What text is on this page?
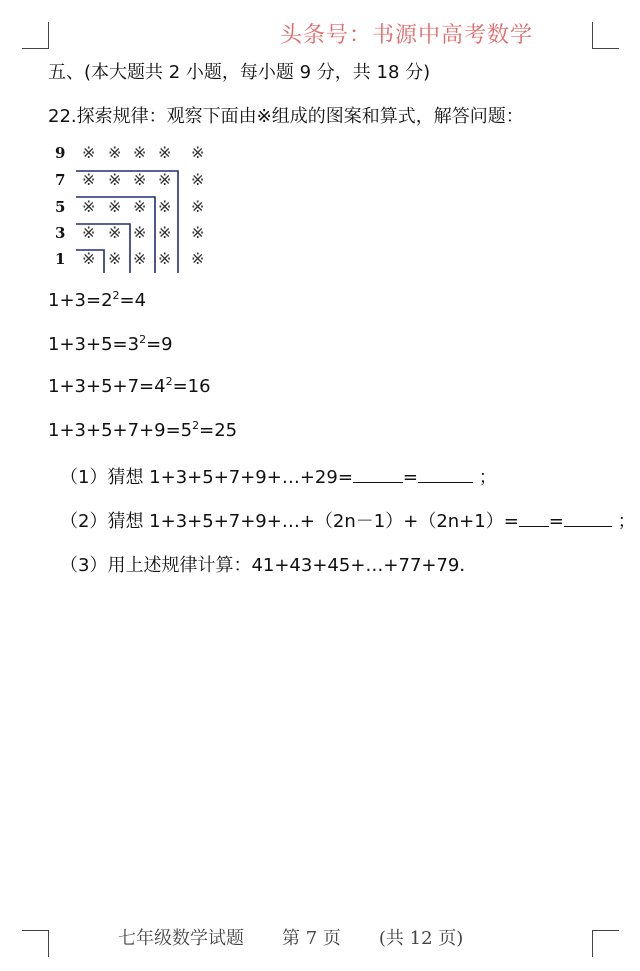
头条号：书源中高考数学
五、(本大题共 2 小题，每小题 9 分，共 18 分)
22.探索规律：观察下面由※组成的图案和算式，解答问题：
9
7
5
3
1
※ ※ ※ ※ ※
※ ※ ※ ※ ※
※ ※ ※ ※ ※
※ ※ ※ ※ ※
※ ※ ※ ※ ※
$1+3=2^2=4$
$1+3+5=3^2=9$
$1+3+5+7=4^2=16$
$1+3+5+7+9=5^2=25$
（1）猜想 1+3+5+7+9+…+29=	=	；
（2）猜想 1+3+5+7+9+…+（2n－1）+（2n+1）= =	；
（3）用上述规律计算：41+43+45+…+77+79．
七年级数学试题 第 7 页 (共 12 页)
